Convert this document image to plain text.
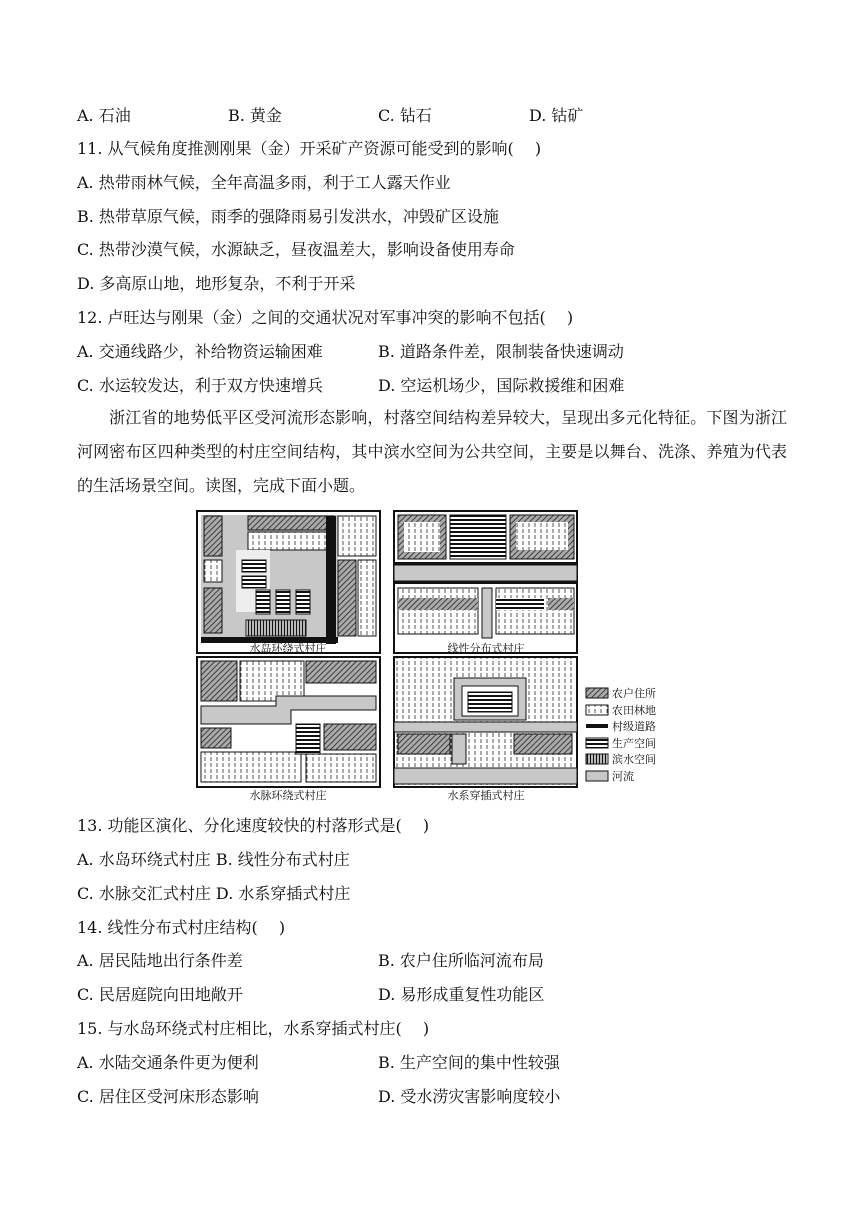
A. 石油	B. 黄金	C. 钻石	D. 钴矿
11. 从气候角度推测刚果（金）开采矿产资源可能受到的影响(　 )
A. 热带雨林气候，全年高温多雨，利于工人露天作业
B. 热带草原气候，雨季的强降雨易引发洪水，冲毁矿区设施
C. 热带沙漠气候，水源缺乏，昼夜温差大，影响设备使用寿命
D. 多高原山地，地形复杂，不利于开采
12. 卢旺达与刚果（金）之间的交通状况对军事冲突的影响不包括(　 )
A. 交通线路少，补给物资运输困难	B. 道路条件差，限制装备快速调动
C. 水运较发达，利于双方快速增兵	D. 空运机场少，国际救援维和困难
浙江省的地势低平区受河流形态影响，村落空间结构差异较大，呈现出多元化特征。下图为浙江河网密布区四种类型的村庄空间结构，其中滨水空间为公共空间，主要是以舞台、洗涤、养殖为代表的生活场景空间。读图，完成下面小题。
水岛环绕式村庄	线性分布式村庄
水脉环绕式村庄	水系穿插式村庄
农户住所
农田林地
村级道路
生产空间
滨水空间
河流
13. 功能区演化、分化速度较快的村落形式是(　 )
A. 水岛环绕式村庄 B. 线性分布式村庄
C. 水脉交汇式村庄 D. 水系穿插式村庄
14. 线性分布式村庄结构(　 )
A. 居民陆地出行条件差	B. 农户住所临河流布局
C. 民居庭院向田地敞开	D. 易形成重复性功能区
15. 与水岛环绕式村庄相比，水系穿插式村庄(　 )
A. 水陆交通条件更为便利	B. 生产空间的集中性较强
C. 居住区受河床形态影响	D. 受水涝灾害影响度较小
